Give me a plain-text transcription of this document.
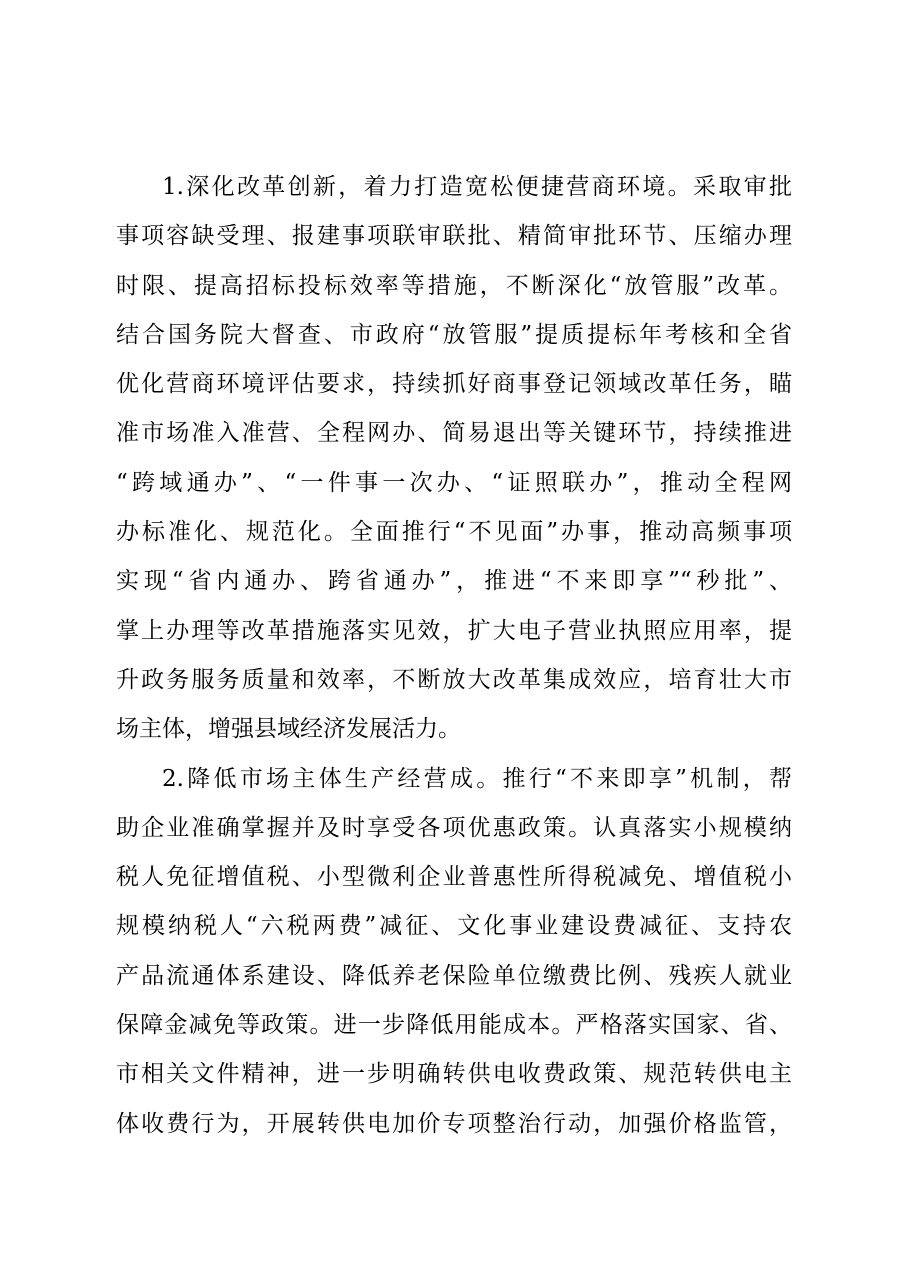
1.深化改革创新，着力打造宽松便捷营商环境。采取审批
事项容缺受理、报建事项联审联批、精简审批环节、压缩办理
时限、提高招标投标效率等措施，不断深化“放管服”改革。
结合国务院大督查、市政府“放管服”提质提标年考核和全省
优化营商环境评估要求，持续抓好商事登记领域改革任务，瞄
准市场准入准营、全程网办、简易退出等关键环节，持续推进
“跨域通办”、“一件事一次办、“证照联办”，推动全程网
办标准化、规范化。全面推行“不见面”办事，推动高频事项
实现“省内通办、跨省通办”，推进“不来即享”“秒批”、
掌上办理等改革措施落实见效，扩大电子营业执照应用率，提
升政务服务质量和效率，不断放大改革集成效应，培育壮大市
场主体，增强县域经济发展活力。
2.降低市场主体生产经营成。推行“不来即享”机制，帮
助企业准确掌握并及时享受各项优惠政策。认真落实小规模纳
税人免征增值税、小型微利企业普惠性所得税减免、增值税小
规模纳税人“六税两费”减征、文化事业建设费减征、支持农
产品流通体系建设、降低养老保险单位缴费比例、残疾人就业
保障金减免等政策。进一步降低用能成本。严格落实国家、省、
市相关文件精神，进一步明确转供电收费政策、规范转供电主
体收费行为，开展转供电加价专项整治行动，加强价格监管，
